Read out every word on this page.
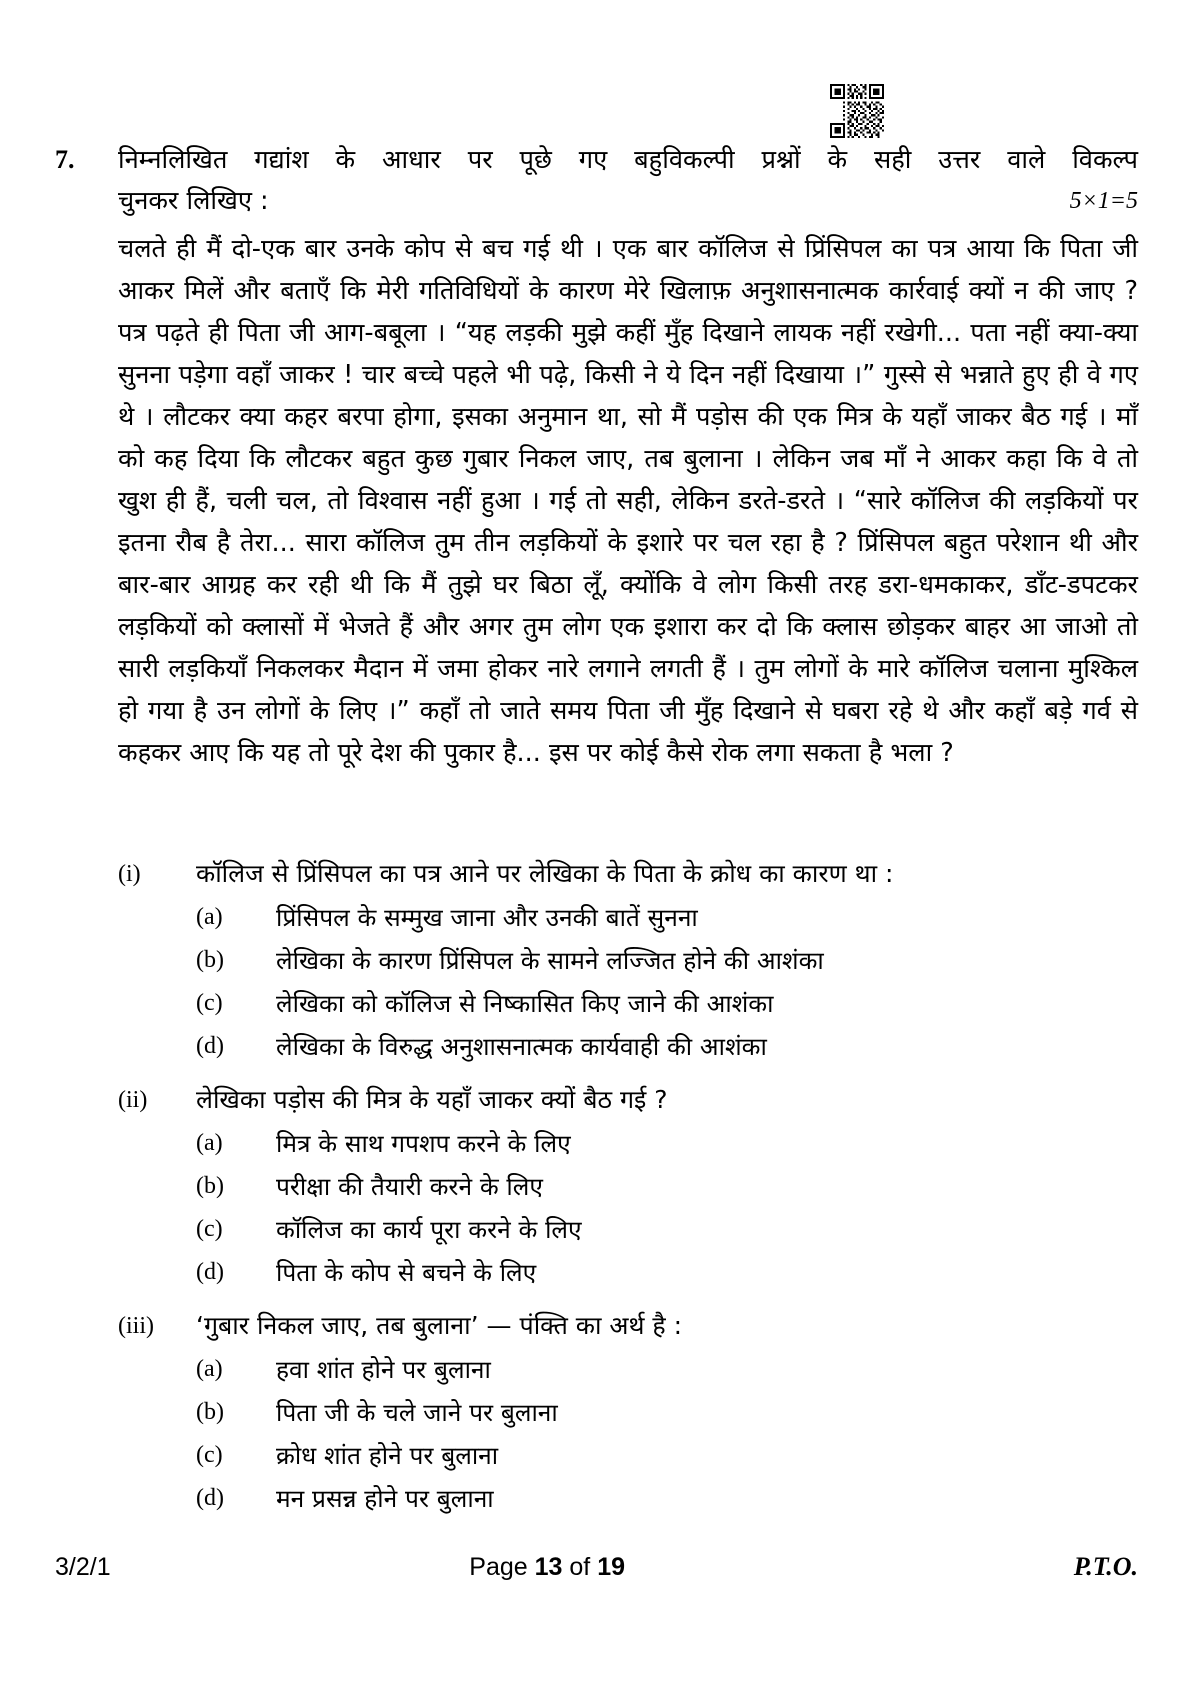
7.	निम्नलिखित गद्यांश के आधार पर पूछे गए बहुविकल्पी प्रश्नों के सही उत्तर वाले विकल्प
चुनकर लिखिए :	5×1=5

चलते ही मैं दो-एक बार उनके कोप से बच गई थी । एक बार कॉलिज से प्रिंसिपल का पत्र आया कि पिता जी आकर मिलें और बताएँ कि मेरी गतिविधियों के कारण मेरे खिलाफ़ अनुशासनात्मक कार्रवाई क्यों न की जाए ? पत्र पढ़ते ही पिता जी आग-बबूला । “यह लड़की मुझे कहीं मुँह दिखाने लायक नहीं रखेगी... पता नहीं क्या-क्या सुनना पड़ेगा वहाँ जाकर ! चार बच्चे पहले भी पढ़े, किसी ने ये दिन नहीं दिखाया ।” गुस्से से भन्नाते हुए ही वे गए थे । लौटकर क्या कहर बरपा होगा, इसका अनुमान था, सो मैं पड़ोस की एक मित्र के यहाँ जाकर बैठ गई । माँ को कह दिया कि लौटकर बहुत कुछ गुबार निकल जाए, तब बुलाना । लेकिन जब माँ ने आकर कहा कि वे तो खुश ही हैं, चली चल, तो विश्वास नहीं हुआ । गई तो सही, लेकिन डरते-डरते । “सारे कॉलिज की लड़कियों पर इतना रौब है तेरा... सारा कॉलिज तुम तीन लड़कियों के इशारे पर चल रहा है ? प्रिंसिपल बहुत परेशान थी और बार-बार आग्रह कर रही थी कि मैं तुझे घर बिठा लूँ, क्योंकि वे लोग किसी तरह डरा-धमकाकर, डाँट-डपटकर लड़कियों को क्लासों में भेजते हैं और अगर तुम लोग एक इशारा कर दो कि क्लास छोड़कर बाहर आ जाओ तो सारी लड़कियाँ निकलकर मैदान में जमा होकर नारे लगाने लगती हैं । तुम लोगों के मारे कॉलिज चलाना मुश्किल हो गया है उन लोगों के लिए ।” कहाँ तो जाते समय पिता जी मुँह दिखाने से घबरा रहे थे और कहाँ बड़े गर्व से कहकर आए कि यह तो पूरे देश की पुकार है... इस पर कोई कैसे रोक लगा सकता है भला ?

(i)	कॉलिज से प्रिंसिपल का पत्र आने पर लेखिका के पिता के क्रोध का कारण था :
(a)	प्रिंसिपल के सम्मुख जाना और उनकी बातें सुनना
(b)	लेखिका के कारण प्रिंसिपल के सामने लज्जित होने की आशंका
(c)	लेखिका को कॉलिज से निष्कासित किए जाने की आशंका
(d)	लेखिका के विरुद्ध अनुशासनात्मक कार्यवाही की आशंका
(ii)	लेखिका पड़ोस की मित्र के यहाँ जाकर क्यों बैठ गई ?
(a)	मित्र के साथ गपशप करने के लिए
(b)	परीक्षा की तैयारी करने के लिए
(c)	कॉलिज का कार्य पूरा करने के लिए
(d)	पिता के कोप से बचने के लिए
(iii)	‘गुबार निकल जाए, तब बुलाना’ — पंक्ति का अर्थ है :
(a)	हवा शांत होने पर बुलाना
(b)	पिता जी के चले जाने पर बुलाना
(c)	क्रोध शांत होने पर बुलाना
(d)	मन प्रसन्न होने पर बुलाना
3/2/1	Page 13 of 19	P.T.O.
